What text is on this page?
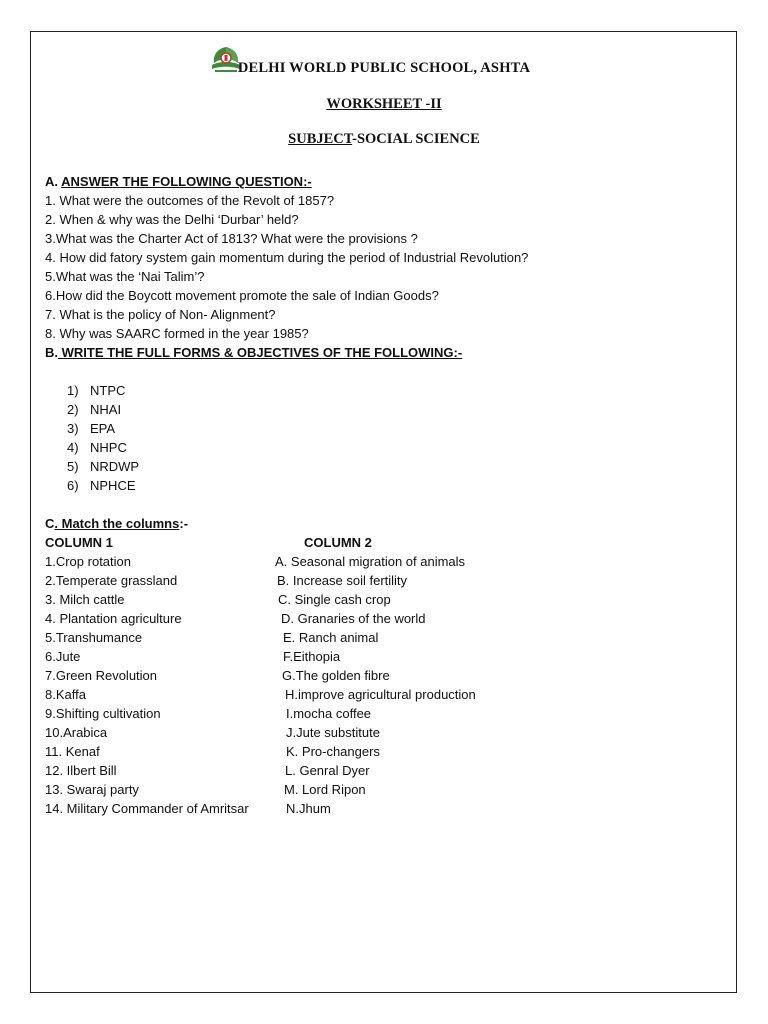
DELHI WORLD PUBLIC SCHOOL, ASHTA
WORKSHEET -II
SUBJECT-SOCIAL SCIENCE
A. ANSWER THE FOLLOWING QUESTION:-
1. What were the outcomes of the Revolt of 1857?
2. When & why was the Delhi ‘Durbar’ held?
3.What was the Charter Act of 1813? What were the provisions ?
4. How did fatory system gain momentum during the period of Industrial Revolution?
5.What was the ‘Nai Talim’?
6.How did the Boycott movement promote the sale of Indian Goods?
7. What is the policy of Non- Alignment?
8. Why was SAARC formed in the year 1985?
B. WRITE THE FULL FORMS & OBJECTIVES OF THE FOLLOWING:-
1) NTPC
2) NHAI
3) EPA
4) NHPC
5) NRDWP
6) NPHCE
C. Match the columns:-
COLUMN 1	COLUMN 2
1.Crop rotation	A. Seasonal migration of animals
2.Temperate grassland	B. Increase soil fertility
3. Milch cattle	C. Single cash crop
4. Plantation agriculture	D. Granaries of the world
5.Transhumance	E. Ranch animal
6.Jute	F.Eithopia
7.Green Revolution	G.The golden fibre
8.Kaffa	H.improve agricultural production
9.Shifting cultivation	I.mocha coffee
10.Arabica	J.Jute substitute
11. Kenaf	K. Pro-changers
12. Ilbert Bill	L. Genral Dyer
13. Swaraj party	M. Lord Ripon
14. Military Commander of Amritsar	N.Jhum
